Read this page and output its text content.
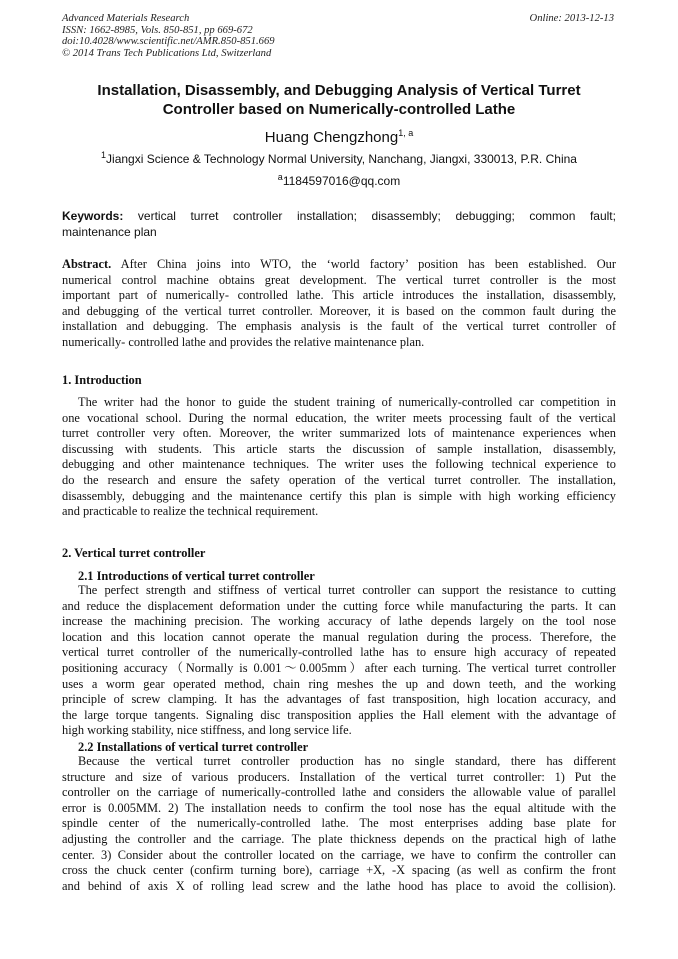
Advanced Materials Research
ISSN: 1662-8985, Vols. 850-851, pp 669-672
doi:10.4028/www.scientific.net/AMR.850-851.669
© 2014 Trans Tech Publications Ltd, Switzerland
Online: 2013-12-13
Installation, Disassembly, and Debugging Analysis of Vertical Turret
Controller based on Numerically-controlled Lathe
Huang Chengzhong$^{1, a}$
$^1$Jiangxi Science & Technology Normal University, Nanchang, Jiangxi, 330013, P.R. China
$^a$1184597016@qq.com
Keywords: vertical turret controller installation; disassembly; debugging; common fault;
maintenance plan
Abstract. After China joins into WTO, the ‘world factory’ position has been established. Our
numerical control machine obtains great development. The vertical turret controller is the most
important part of numerically- controlled lathe. This article introduces the installation, disassembly,
and debugging of the vertical turret controller. Moreover, it is based on the common fault during the
installation and debugging. The emphasis analysis is the fault of the vertical turret controller of
numerically- controlled lathe and provides the relative maintenance plan.
1. Introduction
The writer had the honor to guide the student training of numerically-controlled car competition in
one vocational school. During the normal education, the writer meets processing fault of the vertical
turret controller very often. Moreover, the writer summarized lots of maintenance experiences when
discussing with students. This article starts the discussion of sample installation, disassembly,
debugging and other maintenance techniques. The writer uses the following technical experience to
do the research and ensure the safety operation of the vertical turret controller. The installation,
disassembly, debugging and the maintenance certify this plan is simple with high working efficiency
and practicable to realize the technical requirement.
2. Vertical turret controller
2.1 Introductions of vertical turret controller
The perfect strength and stiffness of vertical turret controller can support the resistance to cutting
and reduce the displacement deformation under the cutting force while manufacturing the parts. It can
increase the machining precision. The working accuracy of lathe depends largely on the tool nose
location and this location cannot operate the manual regulation during the process. Therefore, the
vertical turret controller of the numerically-controlled lathe has to ensure high accuracy of repeated
positioning accuracy（Normally is 0.001～0.005mm）after each turning. The vertical turret controller
uses a worm gear operated method, chain ring meshes the up and down teeth, and the working
principle of screw clamping. It has the advantages of fast transposition, high location accuracy, and
the large torque tangents. Signaling disc transposition applies the Hall element with the advantage of
high working stability, nice stiffness, and long service life.
2.2 Installations of vertical turret controller
Because the vertical turret controller production has no single standard, there has different
structure and size of various producers. Installation of the vertical turret controller: 1) Put the
controller on the carriage of numerically-controlled lathe and considers the allowable value of parallel
error is 0.005MM. 2) The installation needs to confirm the tool nose has the equal altitude with the
spindle center of the numerically-controlled lathe. The most enterprises adding base plate for
adjusting the controller and the carriage. The plate thickness depends on the practical high of lathe
center. 3) Consider about the controller located on the carriage, we have to confirm the controller can
cross the chuck center (confirm turning bore), carriage +X, -X spacing (as well as confirm the front
and behind of axis X of rolling lead screw and the lathe hood has place to avoid the collision).
